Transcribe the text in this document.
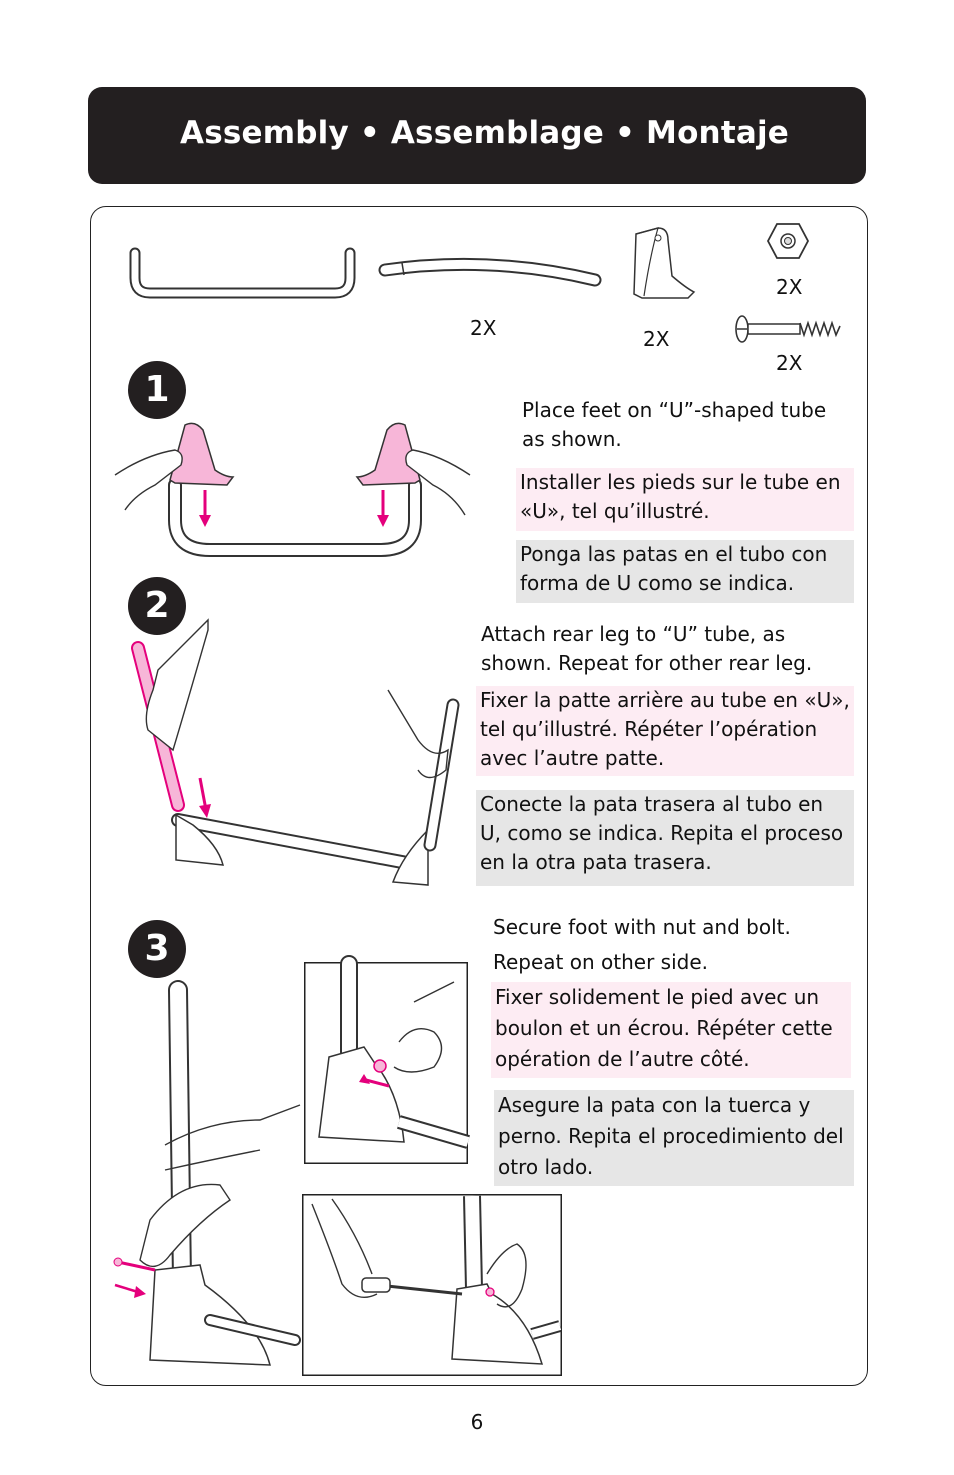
Assembly • Assemblage • Montaje
2X	2X
2X
2X
1	Place feet on “U”-shaped tube as shown.
Installer les pieds sur le tube en «U», tel qu’illustré.
Ponga las patas en el tubo con forma de U como se indica.
2
Attach rear leg to “U” tube, as shown. Repeat for other rear leg.
Fixer la patte arrière au tube en «U», tel qu’illustré. Répéter l’opération avec l’autre patte.
Conecte la pata trasera al tubo en U, como se indica. Repita el proceso en la otra pata trasera.
3
Secure foot with nut and bolt. Repeat on other side.
Fixer solidement le pied avec un boulon et un écrou. Répéter cette opération de l’autre côté.
Asegure la pata con la tuerca y perno. Repita el procedimiento del otro lado.
6
